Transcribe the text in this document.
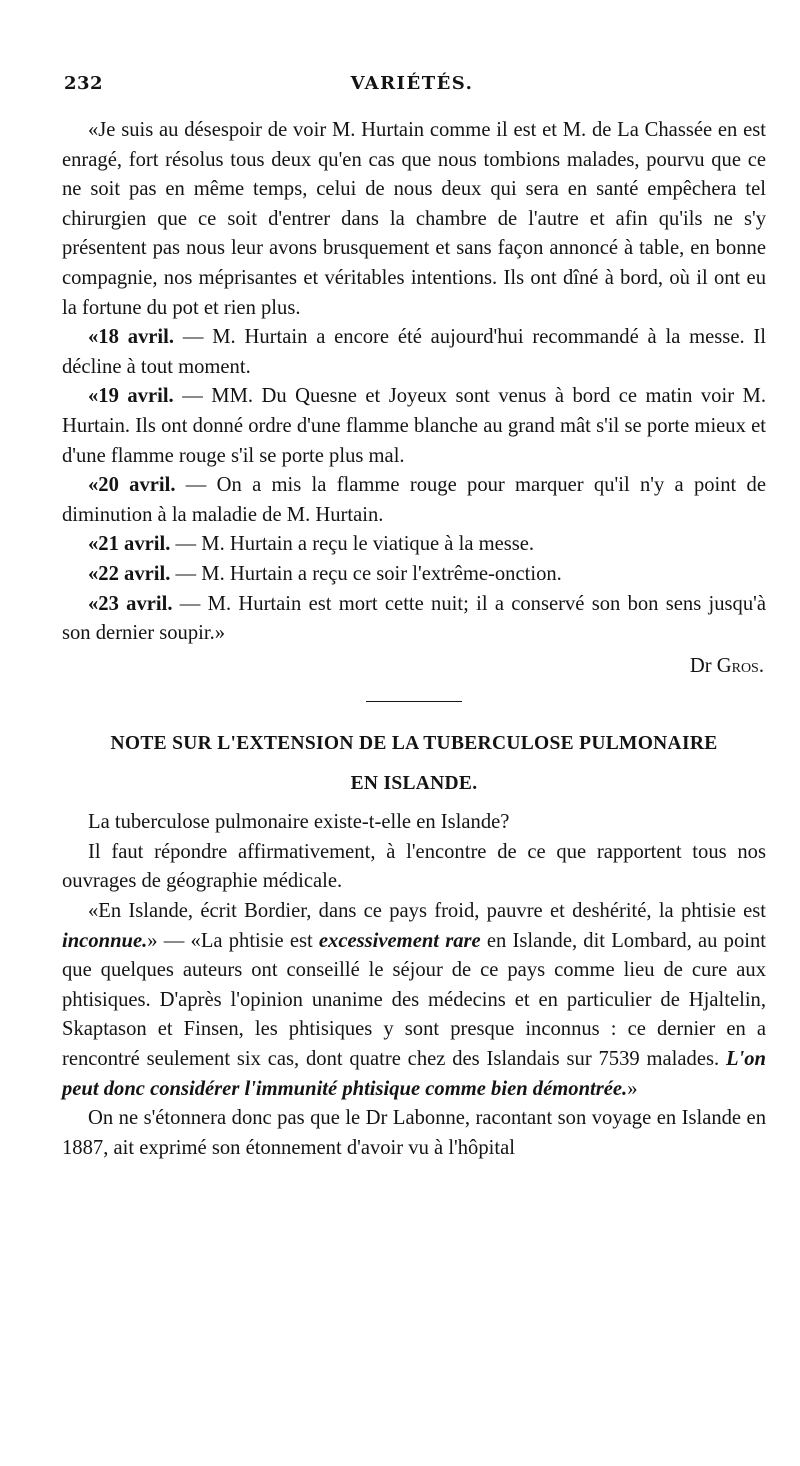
232	VARIÉTÉS.

«Je suis au désespoir de voir M. Hurtain comme il est et M. de La Chassée en est enragé, fort résolus tous deux qu'en cas que nous tombions malades, pourvu que ce ne soit pas en même temps, celui de nous deux qui sera en santé empêchera tel chirurgien que ce soit d'entrer dans la chambre de l'autre et afin qu'ils ne s'y présentent pas nous leur avons brusquement et sans façon annoncé à table, en bonne compagnie, nos méprisantes et véritables intentions. Ils ont dîné à bord, où il ont eu la fortune du pot et rien plus.

«18 avril. — M. Hurtain a encore été aujourd'hui recommandé à la messe. Il décline à tout moment.

«19 avril. — MM. Du Quesne et Joyeux sont venus à bord ce matin voir M. Hurtain. Ils ont donné ordre d'une flamme blanche au grand mât s'il se porte mieux et d'une flamme rouge s'il se porte plus mal.

«20 avril. — On a mis la flamme rouge pour marquer qu'il n'y a point de diminution à la maladie de M. Hurtain.

«21 avril. — M. Hurtain a reçu le viatique à la messe.

«22 avril. — M. Hurtain a reçu ce soir l'extrême-onction.

«23 avril. — M. Hurtain est mort cette nuit; il a conservé son bon sens jusqu'à son dernier soupir.»

Dr Gros.

NOTE SUR L'EXTENSION DE LA TUBERCULOSE PULMONAIRE
EN ISLANDE.

La tuberculose pulmonaire existe-t-elle en Islande?

Il faut répondre affirmativement, à l'encontre de ce que rapportent tous nos ouvrages de géographie médicale.

«En Islande, écrit Bordier, dans ce pays froid, pauvre et deshérité, la phtisie est inconnue.» — «La phtisie est excessivement rare en Islande, dit Lombard, au point que quelques auteurs ont conseillé le séjour de ce pays comme lieu de cure aux phtisiques. D'après l'opinion unanime des médecins et en particulier de Hjaltelin, Skaptason et Finsen, les phtisiques y sont presque inconnus : ce dernier en a rencontré seulement six cas, dont quatre chez des Islandais sur 7539 malades. L'on peut donc considérer l'immunité phtisique comme bien démontrée.»

On ne s'étonnera donc pas que le Dr Labonne, racontant son voyage en Islande en 1887, ait exprimé son étonnement d'avoir vu à l'hôpital
